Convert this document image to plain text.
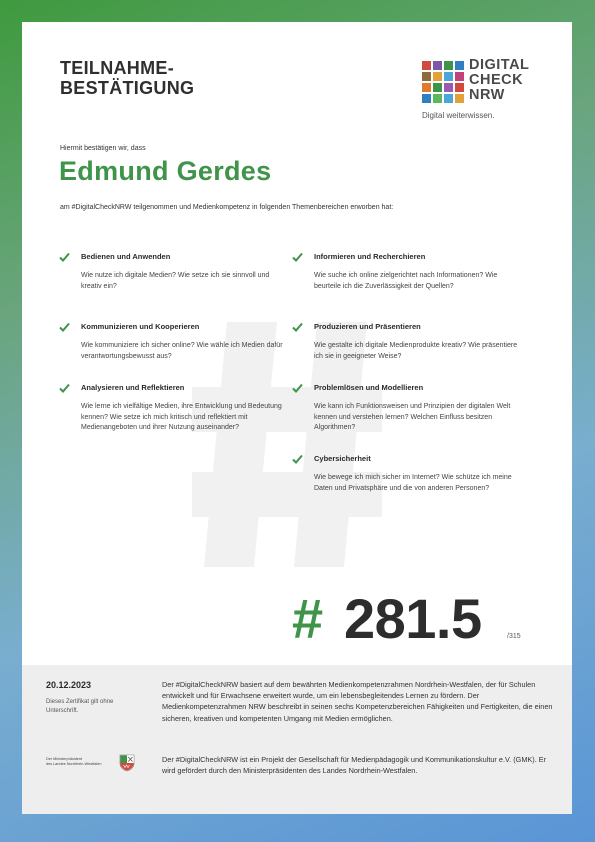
TEILNAHME-
BESTÄTIGUNG
DIGITAL
CHECK
NRW
Digital weiterwissen.
Hiermit bestätigen wir, dass
Edmund Gerdes
am #DigitalCheckNRW teilgenommen und Medienkompetenz in folgenden Themenbereichen erworben hat:
Bedienen und Anwenden
Wie nutze ich digitale Medien? Wie setze ich sie sinnvoll und kreativ ein?
Informieren und Recherchieren
Wie suche ich online zielgerichtet nach Informationen? Wie beurteile ich die Zuverlässigkeit der Quellen?
Kommunizieren und Kooperieren
Wie kommuniziere ich sicher online? Wie wähle ich Medien dafür verantwortungsbewusst aus?
Produzieren und Präsentieren
Wie gestalte ich digitale Medienprodukte kreativ? Wie präsentiere ich sie in geeigneter Weise?
Analysieren und Reflektieren
Wie lerne ich vielfältige Medien, ihre Entwicklung und Bedeutung kennen? Wie setze ich mich kritisch und reflektiert mit Medienangeboten und ihrer Nutzung auseinander?
Problemlösen und Modellieren
Wie kann ich Funktionsweisen und Prinzipien der digitalen Welt kennen und verstehen lernen? Welchen Einfluss besitzen Algorithmen?
Cybersicherheit
Wie bewege ich mich sicher im Internet? Wie schütze ich meine Daten und Privatsphäre und die von anderen Personen?
# 281.5	/315
20.12.2023
Dieses Zertifikat gilt ohne Unterschrift.
Der #DigitalCheckNRW basiert auf dem bewährten Medienkompetenzrahmen Nordrhein-Westfalen, der für Schulen entwickelt und für Erwachsene erweitert wurde, um ein lebensbegleitendes Lernen zu fördern. Der Medienkompetenzrahmen NRW beschreibt in seinen sechs Kompetenzbereichen Fähigkeiten und Fertigkeiten, die einen sicheren, kreativen und kompetenten Umgang mit Medien ermöglichen.
Der #DigitalCheckNRW ist ein Projekt der Gesellschaft für Medienpädagogik und Kommunikationskultur e.V. (GMK). Er wird gefördert durch den Ministerpräsidenten des Landes Nordrhein-Westfalen.
Der Ministerpräsident
des Landes Nordrhein-Westfalen
